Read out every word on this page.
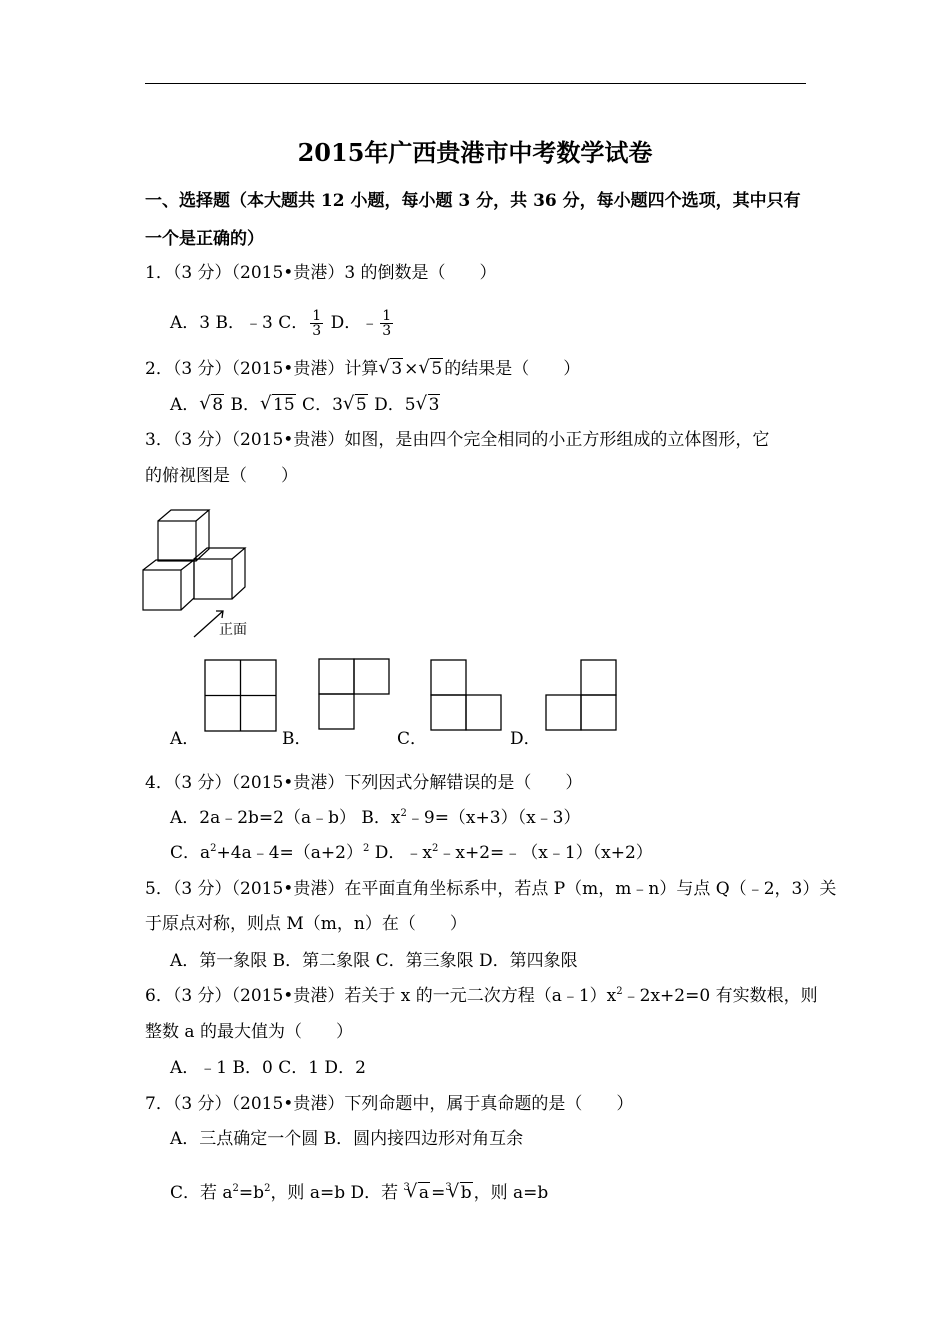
2015年广西贵港市中考数学试卷
一、选择题（本大题共 12 小题，每小题 3 分，共 36 分，每小题四个选项，其中只有
一个是正确的）
1．（3 分）（2015•贵港）3 的倒数是（　　）
A．3 B．﹣3 C． $\frac{1}{3}$ D．﹣ $\frac{1}{3}$
2．（3 分）（2015•贵港）计算 √ 3 × √ 5 的结果是（　　）
A． √ 8 B． √ 15 C．3 √ 5 D．5 √ 3
3．（3 分）（2015•贵港）如图，是由四个完全相同的小正方形组成的立体图形，它
的俯视图是（　　）
正面
A．	B．	C．	D．
4．（3 分）（2015•贵港）下列因式分解错误的是（　　）
A．2a﹣2b=2（a﹣b） B．$x^2﹣9=(x+3)(x﹣3)$
C．$a^2+4a﹣4=(a+2)^2$ D．$﹣x^2﹣x+2=﹣(x﹣1)(x+2)$
5．（3 分）（2015•贵港）在平面直角坐标系中，若点 P（m，m﹣n）与点 Q（﹣2，3）关
于原点对称，则点 M（m，n）在（　　）
A．第一象限 B．第二象限 C．第三象限 D．第四象限
6．（3 分）（2015•贵港）若关于 x 的一元二次方程$(a﹣1)x^2﹣2x+2=0$ 有实数根，则
整数 a 的最大值为（　　）
A．﹣1 B．0 C．1 D．2
7．（3 分）（2015•贵港）下列命题中，属于真命题的是（　　）
A．三点确定一个圆 B．圆内接四边形对角互余
C．若 $a^2=b^2$，则 a=b D．若 $^3$ √ a =$^3$ √ b ，则 a=b
